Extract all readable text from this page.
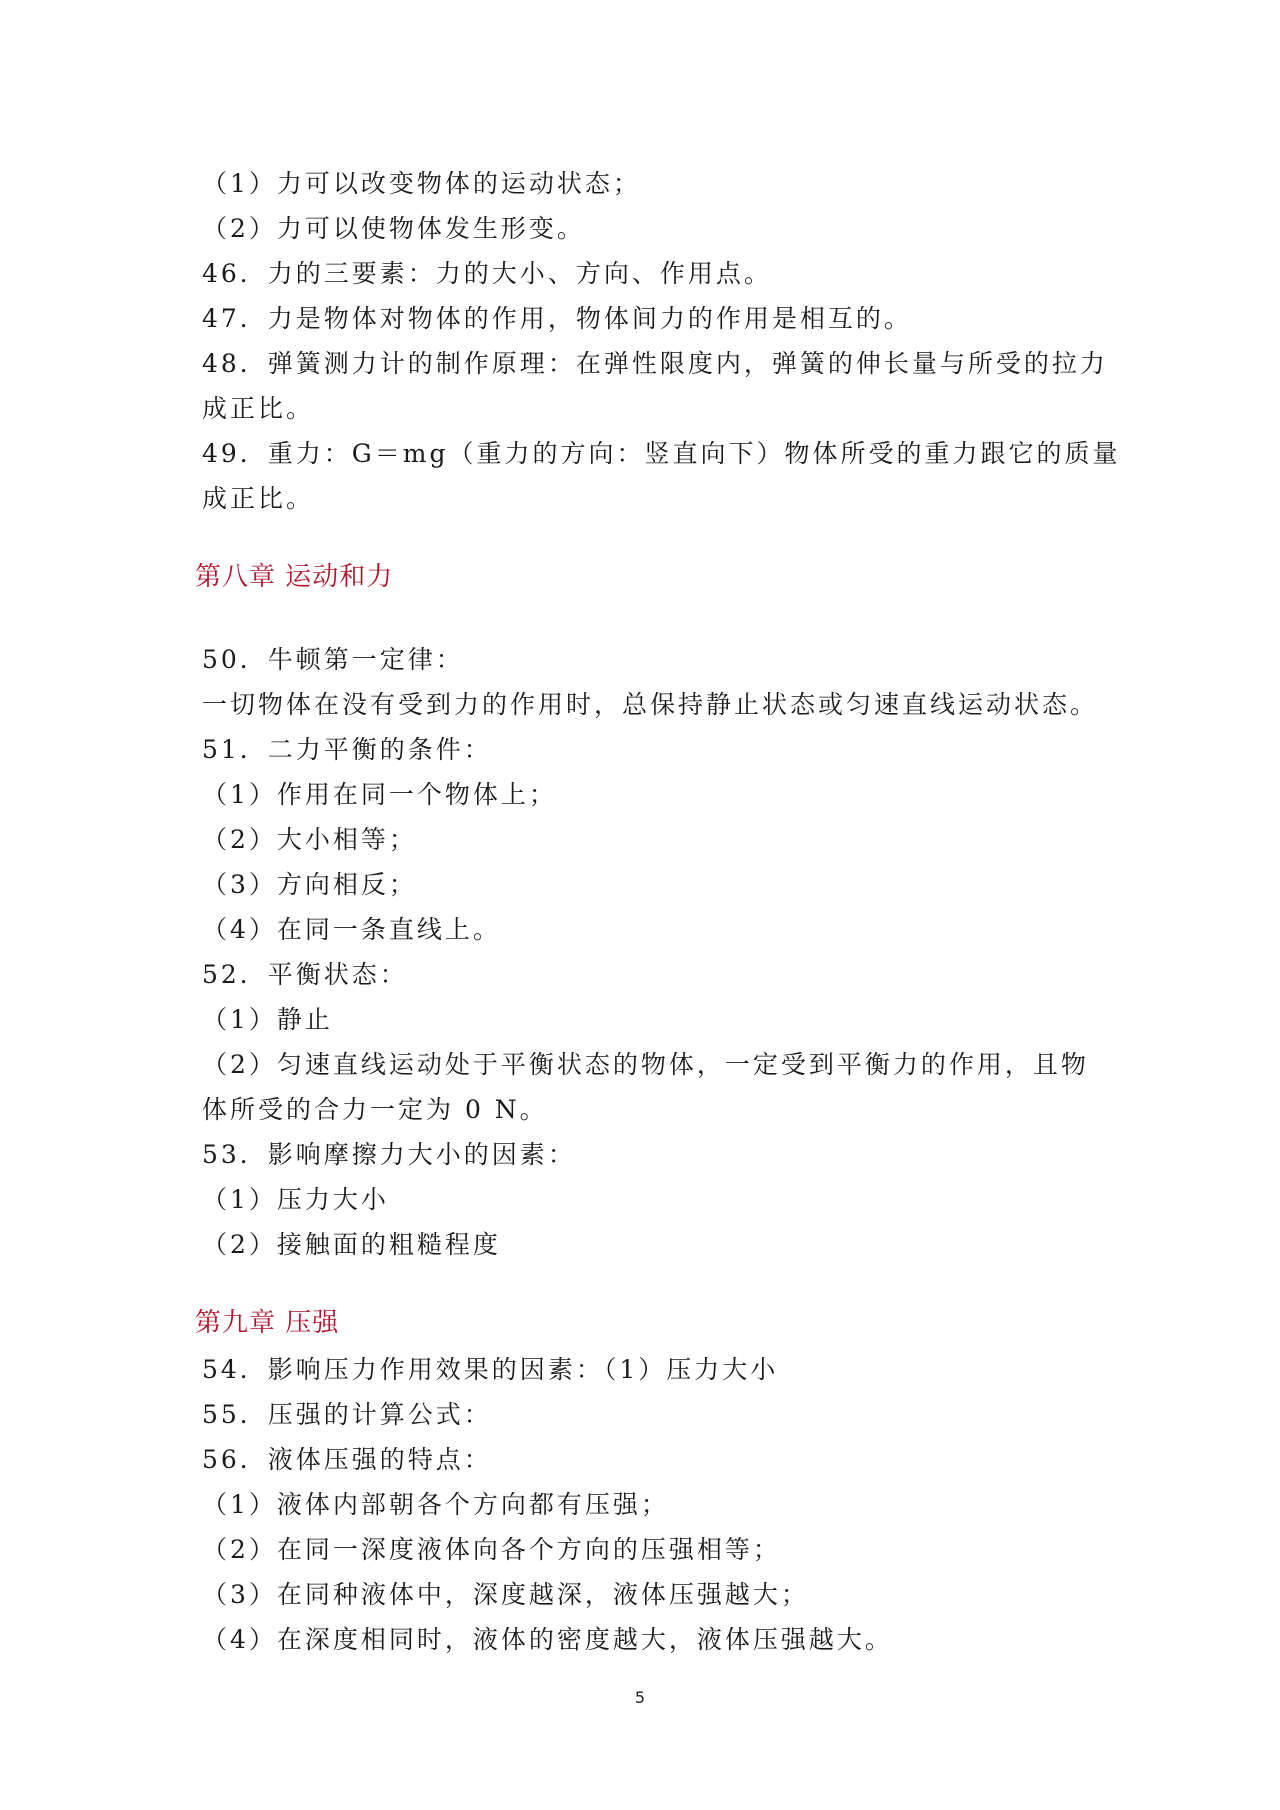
（1）力可以改变物体的运动状态；
（2）力可以使物体发生形变。
46．力的三要素：力的大小、方向、作用点。
47．力是物体对物体的作用，物体间力的作用是相互的。
48．弹簧测力计的制作原理：在弹性限度内，弹簧的伸长量与所受的拉力
成正比。
49．重力：G＝mg（重力的方向：竖直向下）物体所受的重力跟它的质量
成正比。
第八章 运动和力
50．牛顿第一定律：
一切物体在没有受到力的作用时，总保持静止状态或匀速直线运动状态。
51．二力平衡的条件：
（1）作用在同一个物体上；
（2）大小相等；
（3）方向相反；
（4）在同一条直线上。
52．平衡状态：
（1）静止
（2）匀速直线运动处于平衡状态的物体，一定受到平衡力的作用，且物
体所受的合力一定为 0 N。
53．影响摩擦力大小的因素：
（1）压力大小
（2）接触面的粗糙程度
第九章 压强
54．影响压力作用效果的因素：（1）压力大小
55．压强的计算公式：
56．液体压强的特点：
（1）液体内部朝各个方向都有压强；
（2）在同一深度液体向各个方向的压强相等；
（3）在同种液体中，深度越深，液体压强越大；
（4）在深度相同时，液体的密度越大，液体压强越大。
5
